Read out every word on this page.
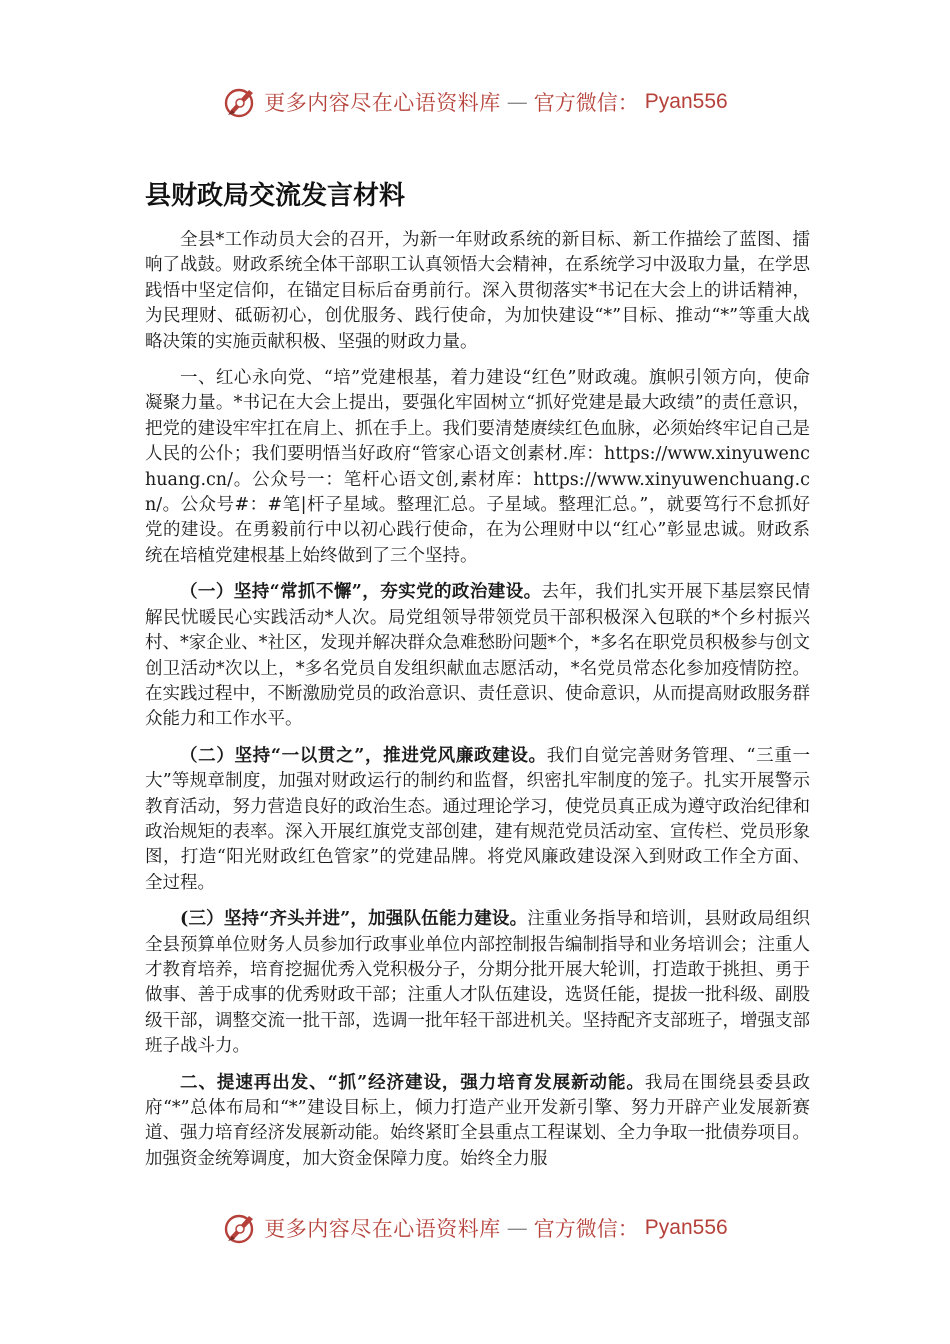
更多内容尽在心语资料库 — 官方微信： Pyan556
县财政局交流发言材料

全县*工作动员大会的召开，为新一年财政系统的新目标、新工作描绘了蓝图、擂响了战鼓。财政系统全体干部职工认真领悟大会精神，在系统学习中汲取力量，在学思践悟中坚定信仰，在锚定目标后奋勇前行。深入贯彻落实*书记在大会上的讲话精神，为民理财、砥砺初心，创优服务、践行使命，为加快建设“*”目标、推动“*”等重大战略决策的实施贡献积极、坚强的财政力量。

一、红心永向党、“培”党建根基，着力建设“红色”财政魂。旗帜引领方向，使命凝聚力量。*书记在大会上提出，要强化牢固树立“抓好党建是最大政绩”的责任意识，把党的建设牢牢扛在肩上、抓在手上。我们要清楚赓续红色血脉，必须始终牢记自己是人民的公仆；我们要明悟当好政府“管家心语文创素材.库：https://www.xinyuwenchuang.cn/。公众号一：笔杆心语文创,素材库：https://www.xinyuwenchuang.cn/。公众号#：#笔|杆子星域。整理汇总。子星域。整理汇总。”，就要笃行不怠抓好党的建设。在勇毅前行中以初心践行使命，在为公理财中以“红心”彰显忠诚。财政系统在培植党建根基上始终做到了三个坚持。

（一）坚持“常抓不懈”，夯实党的政治建设。去年，我们扎实开展下基层察民情解民忧暖民心实践活动*人次。局党组领导带领党员干部积极深入包联的*个乡村振兴村、*家企业、*社区，发现并解决群众急难愁盼问题*个，*多名在职党员积极参与创文创卫活动*次以上，*多名党员自发组织献血志愿活动，*名党员常态化参加疫情防控。在实践过程中，不断激励党员的政治意识、责任意识、使命意识，从而提高财政服务群众能力和工作水平。

（二）坚持“一以贯之”，推进党风廉政建设。我们自觉完善财务管理、“三重一大”等规章制度，加强对财政运行的制约和监督，织密扎牢制度的笼子。扎实开展警示教育活动，努力营造良好的政治生态。通过理论学习，使党员真正成为遵守政治纪律和政治规矩的表率。深入开展红旗党支部创建，建有规范党员活动室、宣传栏、党员形象图，打造“阳光财政红色管家”的党建品牌。将党风廉政建设深入到财政工作全方面、全过程。

(三）坚持“齐头并进”，加强队伍能力建设。注重业务指导和培训，县财政局组织全县预算单位财务人员参加行政事业单位内部控制报告编制指导和业务培训会；注重人才教育培养，培育挖掘优秀入党积极分子，分期分批开展大轮训，打造敢于挑担、勇于做事、善于成事的优秀财政干部；注重人才队伍建设，选贤任能，提拔一批科级、副股级干部，调整交流一批干部，选调一批年轻干部进机关。坚持配齐支部班子，增强支部班子战斗力。

二、提速再出发、“抓”经济建设，强力培育发展新动能。我局在围绕县委县政府“*”总体布局和“*”建设目标上，倾力打造产业开发新引擎、努力开辟产业发展新赛道、强力培育经济发展新动能。始终紧盯全县重点工程谋划、全力争取一批债券项目。加强资金统筹调度，加大资金保障力度。始终全力服

更多内容尽在心语资料库 — 官方微信： Pyan556
